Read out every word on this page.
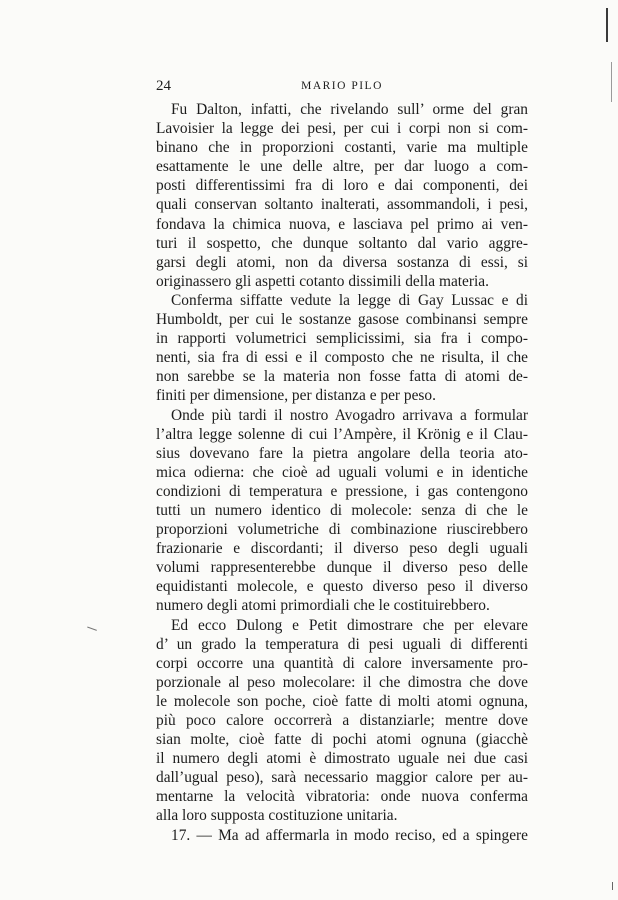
24	MARIO PILO
Fu Dalton, infatti, che rivelando sull’ orme del gran
Lavoisier la legge dei pesi, per cui i corpi non si com-
binano che in proporzioni costanti, varie ma multiple
esattamente le une delle altre, per dar luogo a com-
posti differentissimi fra di loro e dai componenti, dei
quali conservan soltanto inalterati, assommandoli, i pesi,
fondava la chimica nuova, e lasciava pel primo ai ven-
turi il sospetto, che dunque soltanto dal vario aggre-
garsi degli atomi, non da diversa sostanza di essi, si
originassero gli aspetti cotanto dissimili della materia.
Conferma siffatte vedute la legge di Gay Lussac e di
Humboldt, per cui le sostanze gasose combinansi sempre
in rapporti volumetrici semplicissimi, sia fra i compo-
nenti, sia fra di essi e il composto che ne risulta, il che
non sarebbe se la materia non fosse fatta di atomi de-
finiti per dimensione, per distanza e per peso.
Onde più tardi il nostro Avogadro arrivava a formular
l’altra legge solenne di cui l’Ampère, il Krönig e il Clau-
sius dovevano fare la pietra angolare della teoria ato-
mica odierna: che cioè ad uguali volumi e in identiche
condizioni di temperatura e pressione, i gas contengono
tutti un numero identico di molecole: senza di che le
proporzioni volumetriche di combinazione riuscirebbero
frazionarie e discordanti; il diverso peso degli uguali
volumi rappresenterebbe dunque il diverso peso delle
equidistanti molecole, e questo diverso peso il diverso
numero degli atomi primordiali che le costituirebbero.
Ed ecco Dulong e Petit dimostrare che per elevare
d’ un grado la temperatura di pesi uguali di differenti
corpi occorre una quantità di calore inversamente pro-
porzionale al peso molecolare: il che dimostra che dove
le molecole son poche, cioè fatte di molti atomi ognuna,
più poco calore occorrerà a distanziarle; mentre dove
sian molte, cioè fatte di pochi atomi ognuna (giacchè
il numero degli atomi è dimostrato uguale nei due casi
dall’ugual peso), sarà necessario maggior calore per au-
mentarne la velocità vibratoria: onde nuova conferma
alla loro supposta costituzione unitaria.
17. — Ma ad affermarla in modo reciso, ed a spingere
